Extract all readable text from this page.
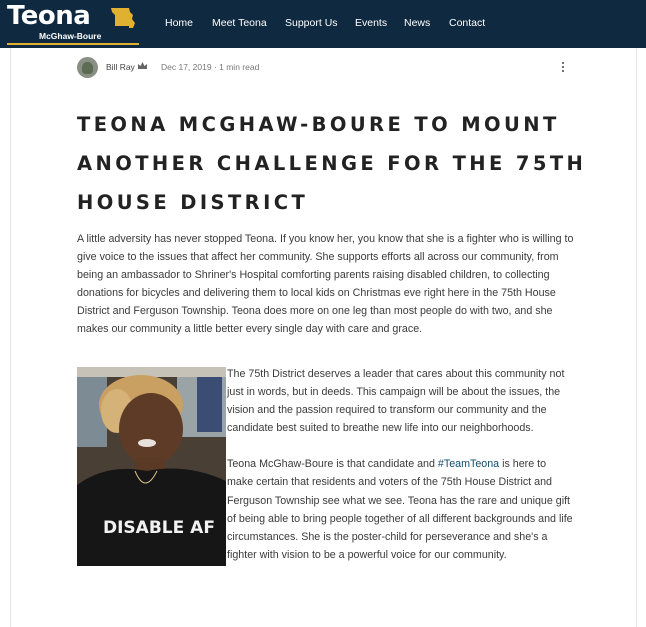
Teona
McGhaw-Boure
Home Meet Teona Support Us Events News Contact
Bill Ray	Dec 17, 2019 · 1 min read
TEONA MCGHAW-BOURE TO MOUNT ANOTHER CHALLENGE FOR THE 75TH HOUSE DISTRICT

A little adversity has never stopped Teona. If you know her, you know that she is a fighter who is willing to give voice to the issues that affect her community. She supports efforts all across our community, from being an ambassador to Shriner's Hospital comforting parents raising disabled children, to collecting donations for bicycles and delivering them to local kids on Christmas eve right here in the 75th House District and Ferguson Township. Teona does more on one leg than most people do with two, and she makes our community a little better every single day with care and grace.

DISABLE AF

The 75th District deserves a leader that cares about this community not just in words, but in deeds. This campaign will be about the issues, the vision and the passion required to transform our community and the candidate best suited to breathe new life into our neighborhoods.

Teona McGhaw-Boure is that candidate and #TeamTeona is here to make certain that residents and voters of the 75th House District and Ferguson Township see what we see. Teona has the rare and unique gift of being able to bring people together of all different backgrounds and life circumstances. She is the poster-child for perseverance and she's a fighter with vision to be a powerful voice for our community.
